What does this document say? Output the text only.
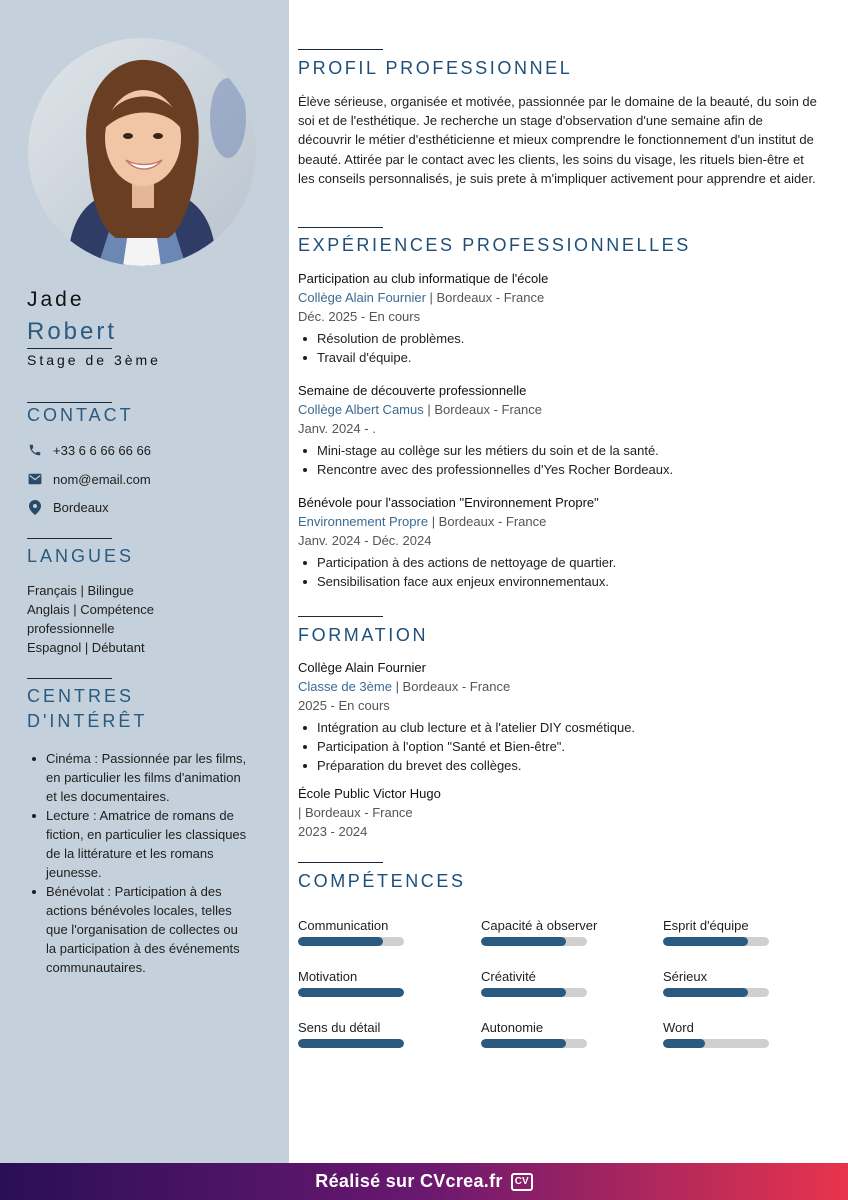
Jade
Robert
Stage de 3ème
CONTACT
+33 6 6 66 66 66
nom@email.com
Bordeaux
LANGUES
Français | Bilingue
Anglais | Compétence professionnelle
Espagnol | Débutant
CENTRES
D'INTÉRÊT
Cinéma : Passionnée par les films, en particulier les films d'animation et les documentaires.
Lecture : Amatrice de romans de fiction, en particulier les classiques de la littérature et les romans jeunesse.
Bénévolat : Participation à des actions bénévoles locales, telles que l'organisation de collectes ou la participation à des événements communautaires.
PROFIL PROFESSIONNEL
Élève sérieuse, organisée et motivée, passionnée par le domaine de la beauté, du soin de soi et de l'esthétique. Je recherche un stage d'observation d'une semaine afin de découvrir le métier d'esthéticienne et mieux comprendre le fonctionnement d'un institut de beauté. Attirée par le contact avec les clients, les soins du visage, les rituels bien-être et les conseils personnalisés, je suis prete à m'impliquer activement pour apprendre et aider.
EXPÉRIENCES PROFESSIONNELLES
Participation au club informatique de l'école
Collège Alain Fournier | Bordeaux - France
Déc. 2025 - En cours
Résolution de problèmes.
Travail d'équipe.
Semaine de découverte professionnelle
Collège Albert Camus | Bordeaux - France
Janv. 2024 - .
Mini-stage au collège sur les métiers du soin et de la santé.
Rencontre avec des professionnelles d'Yes Rocher Bordeaux.
Bénévole pour l'association "Environnement Propre"
Environnement Propre | Bordeaux - France
Janv. 2024 - Déc. 2024
Participation à des actions de nettoyage de quartier.
Sensibilisation face aux enjeux environnementaux.
FORMATION
Collège Alain Fournier
Classe de 3ème | Bordeaux - France
2025 - En cours
Intégration au club lecture et à l'atelier DIY cosmétique.
Participation à l'option "Santé et Bien-être".
Préparation du brevet des collèges.
École Public Victor Hugo
| Bordeaux - France
2023 - 2024
COMPÉTENCES
Communication	Capacité à observer	Esprit d'équipe
Motivation	Créativité	Sérieux
Sens du détail	Autonomie	Word
Réalisé sur CVcrea.fr	CV
